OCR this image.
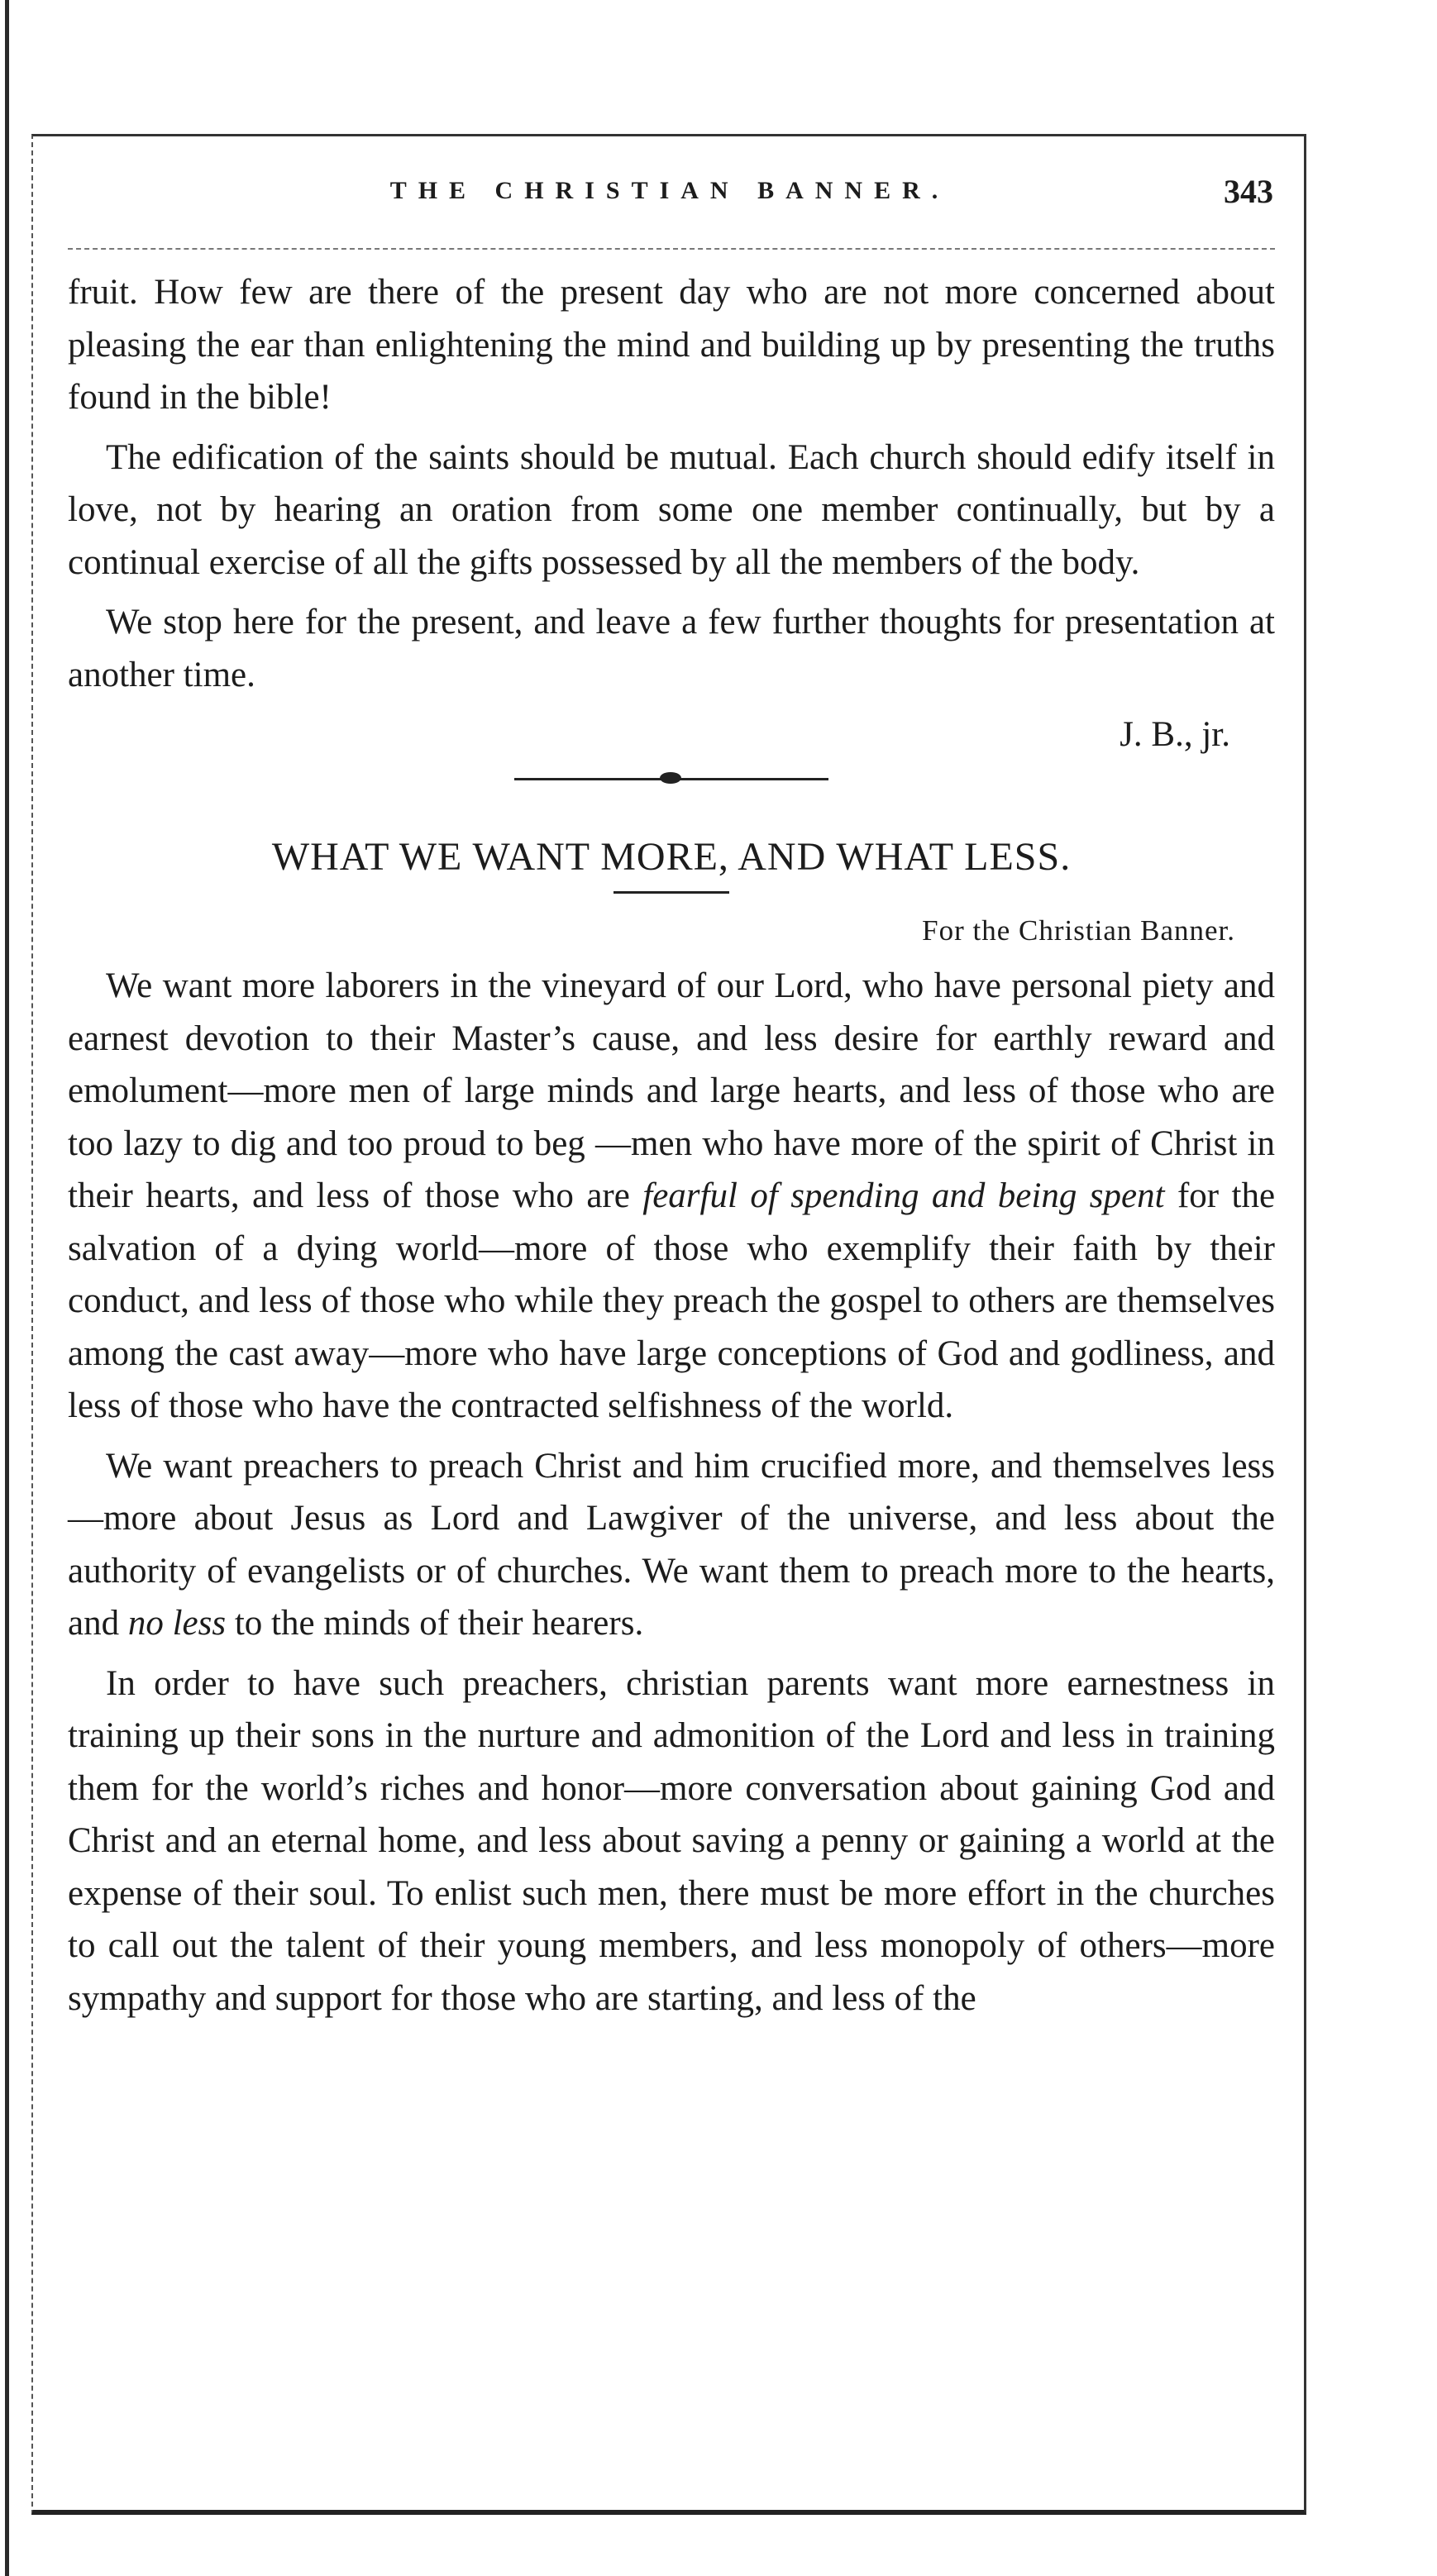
THE CHRISTIAN BANNER.	343

fruit. How few are there of the present day who are not more concerned about pleasing the ear than enlightening the mind and building up by presenting the truths found in the bible!

The edification of the saints should be mutual. Each church should edify itself in love, not by hearing an oration from some one member continually, but by a continual exercise of all the gifts possessed by all the members of the body.

We stop here for the present, and leave a few further thoughts for presentation at another time.

J. B., jr.
WHAT WE WANT MORE, AND WHAT LESS.
For the Christian Banner.

We want more laborers in the vineyard of our Lord, who have personal piety and earnest devotion to their Master’s cause, and less desire for earthly reward and emolument—more men of large minds and large hearts, and less of those who are too lazy to dig and too proud to beg —men who have more of the spirit of Christ in their hearts, and less of those who are fearful of spending and being spent for the salvation of a dying world—more of those who exemplify their faith by their conduct, and less of those who while they preach the gospel to others are themselves among the cast away—more who have large conceptions of God and godliness, and less of those who have the contracted selfishness of the world.

We want preachers to preach Christ and him crucified more, and themselves less—more about Jesus as Lord and Lawgiver of the universe, and less about the authority of evangelists or of churches. We want them to preach more to the hearts, and no less to the minds of their hearers.

In order to have such preachers, christian parents want more earnestness in training up their sons in the nurture and admonition of the Lord and less in training them for the world’s riches and honor—more conversation about gaining God and Christ and an eternal home, and less about saving a penny or gaining a world at the expense of their soul. To enlist such men, there must be more effort in the churches to call out the talent of their young members, and less monopoly of others—more sympathy and support for those who are starting, and less of the
